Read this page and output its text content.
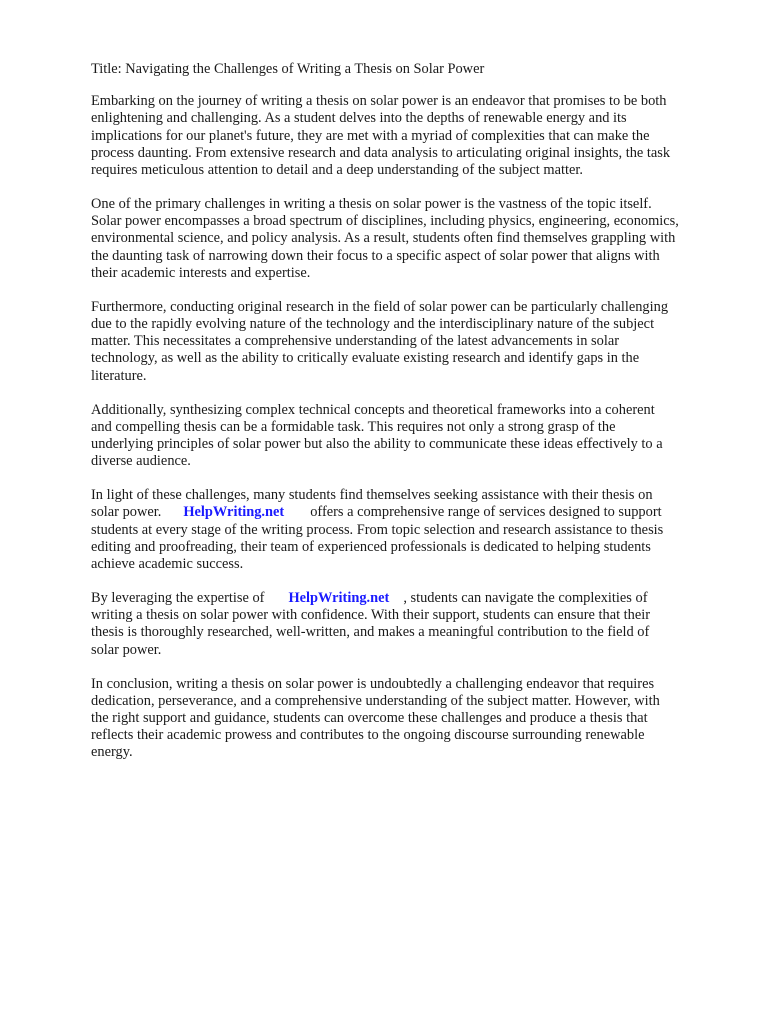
Title: Navigating the Challenges of Writing a Thesis on Solar Power

Embarking on the journey of writing a thesis on solar power is an endeavor that promises to be both
enlightening and challenging. As a student delves into the depths of renewable energy and its
implications for our planet's future, they are met with a myriad of complexities that can make the
process daunting. From extensive research and data analysis to articulating original insights, the task
requires meticulous attention to detail and a deep understanding of the subject matter.

One of the primary challenges in writing a thesis on solar power is the vastness of the topic itself.
Solar power encompasses a broad spectrum of disciplines, including physics, engineering, economics,
environmental science, and policy analysis. As a result, students often find themselves grappling with
the daunting task of narrowing down their focus to a specific aspect of solar power that aligns with
their academic interests and expertise.

Furthermore, conducting original research in the field of solar power can be particularly challenging
due to the rapidly evolving nature of the technology and the interdisciplinary nature of the subject
matter. This necessitates a comprehensive understanding of the latest advancements in solar
technology, as well as the ability to critically evaluate existing research and identify gaps in the
literature.

Additionally, synthesizing complex technical concepts and theoretical frameworks into a coherent
and compelling thesis can be a formidable task. This requires not only a strong grasp of the
underlying principles of solar power but also the ability to communicate these ideas effectively to a
diverse audience.

In light of these challenges, many students find themselves seeking assistance with their thesis on
solar power. HelpWriting.net offers a comprehensive range of services designed to support
students at every stage of the writing process. From topic selection and research assistance to thesis
editing and proofreading, their team of experienced professionals is dedicated to helping students
achieve academic success.

By leveraging the expertise of HelpWriting.net , students can navigate the complexities of
writing a thesis on solar power with confidence. With their support, students can ensure that their
thesis is thoroughly researched, well-written, and makes a meaningful contribution to the field of
solar power.

In conclusion, writing a thesis on solar power is undoubtedly a challenging endeavor that requires
dedication, perseverance, and a comprehensive understanding of the subject matter. However, with
the right support and guidance, students can overcome these challenges and produce a thesis that
reflects their academic prowess and contributes to the ongoing discourse surrounding renewable
energy.
